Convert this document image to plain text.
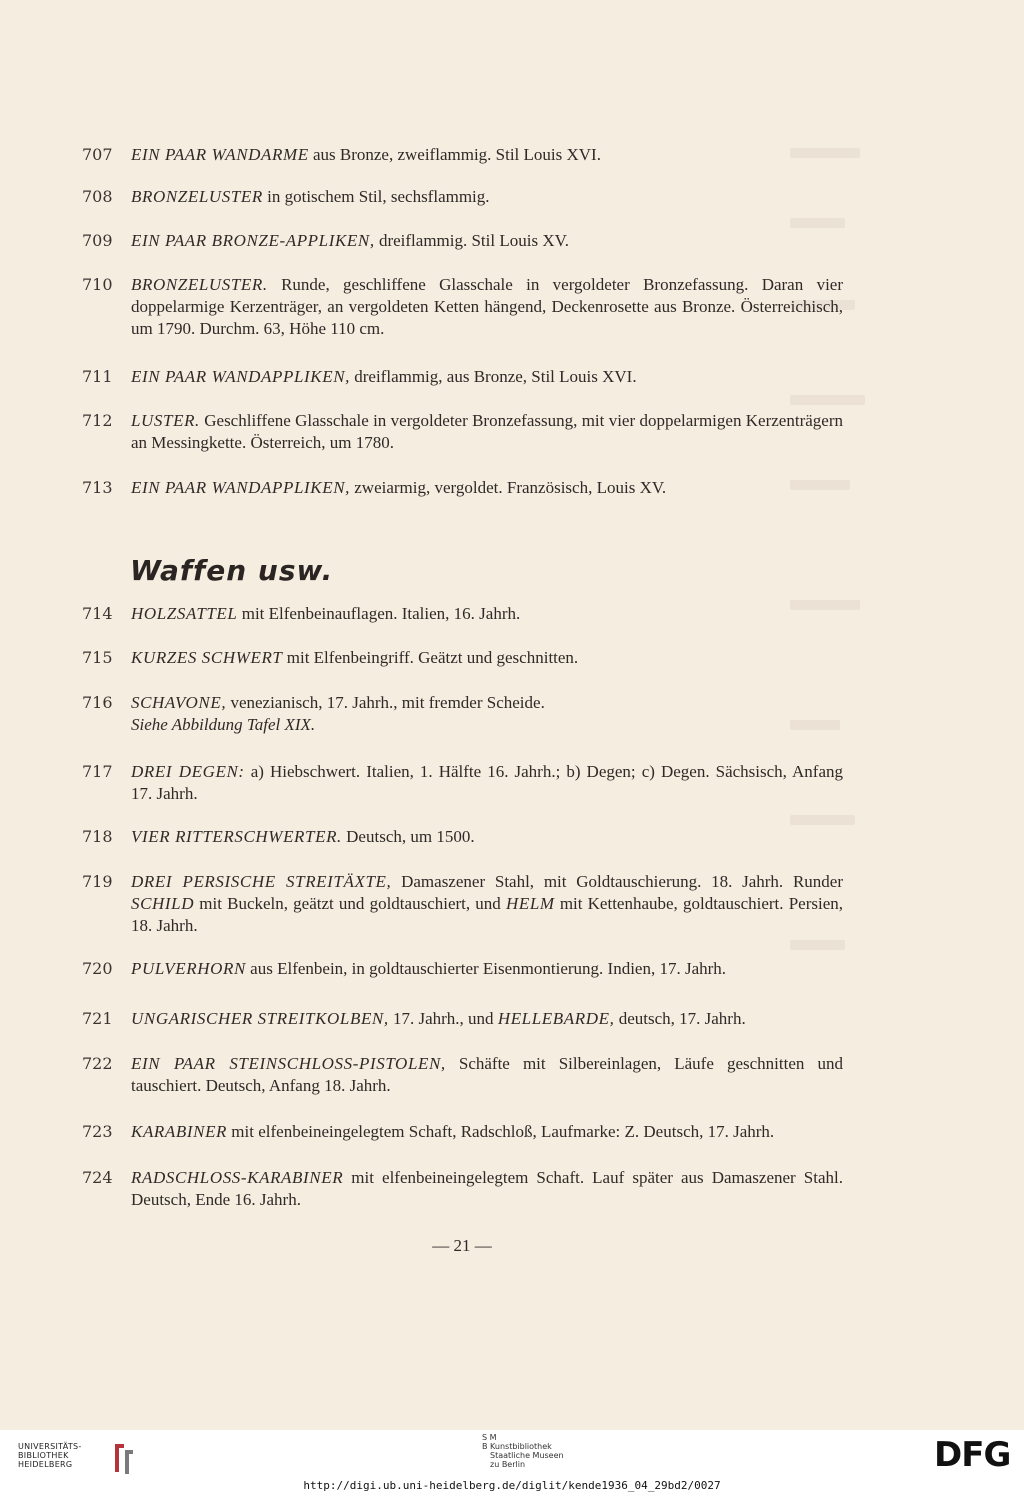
707	EIN PAAR WANDARME aus Bronze, zweiflammig. Stil Louis XVI.
708	BRONZELUSTER in gotischem Stil, sechsflammig.
709	EIN PAAR BRONZE-APPLIKEN, dreiflammig. Stil Louis XV.
710	BRONZELUSTER. Runde, geschliffene Glasschale in vergoldeter Bronzefassung. Daran vier doppelarmige Kerzenträger, an vergoldeten Ketten hängend, Deckenrosette aus Bronze. Österreichisch, um 1790. Durchm. 63, Höhe 110 cm.
711	EIN PAAR WANDAPPLIKEN, dreiflammig, aus Bronze, Stil Louis XVI.
712	LUSTER. Geschliffene Glasschale in vergoldeter Bronzefassung, mit vier doppelarmigen Kerzenträgern an Messingkette. Österreich, um 1780.
713	EIN PAAR WANDAPPLIKEN, zweiarmig, vergoldet. Französisch, Louis XV.
Waffen usw.
714	HOLZSATTEL mit Elfenbeinauflagen. Italien, 16. Jahrh.
715	KURZES SCHWERT mit Elfenbeingriff. Geätzt und geschnitten.
716	SCHAVONE, venezianisch, 17. Jahrh., mit fremder Scheide.
Siehe Abbildung Tafel XIX.
717	DREI DEGEN: a) Hiebschwert. Italien, 1. Hälfte 16. Jahrh.; b) Degen; c) Degen. Sächsisch, Anfang 17. Jahrh.
718	VIER RITTERSCHWERTER. Deutsch, um 1500.
719	DREI PERSISCHE STREITÄXTE, Damaszener Stahl, mit Goldtauschierung. 18. Jahrh. Runder SCHILD mit Buckeln, geätzt und goldtauschiert, und HELM mit Kettenhaube, goldtauschiert. Persien, 18. Jahrh.
720	PULVERHORN aus Elfenbein, in goldtauschierter Eisenmontierung. Indien, 17. Jahrh.
721	UNGARISCHER STREITKOLBEN, 17. Jahrh., und HELLEBARDE, deutsch, 17. Jahrh.
722	EIN PAAR STEINSCHLOSS-PISTOLEN, Schäfte mit Silbereinlagen, Läufe geschnitten und tauschiert. Deutsch, Anfang 18. Jahrh.
723	KARABINER mit elfenbeineingelegtem Schaft, Radschloß, Laufmarke: Z. Deutsch, 17. Jahrh.
724	RADSCHLOSS-KARABINER mit elfenbeineingelegtem Schaft. Lauf später aus Damaszener Stahl. Deutsch, Ende 16. Jahrh.
— 21 —
UNIVERSITÄTS-
BIBLIOTHEK
HEIDELBERG
S M
B Kunstbibliothek
Staatliche Museen
zu Berlin	DFG
http://digi.ub.uni-heidelberg.de/diglit/kende1936_04_29bd2/0027
